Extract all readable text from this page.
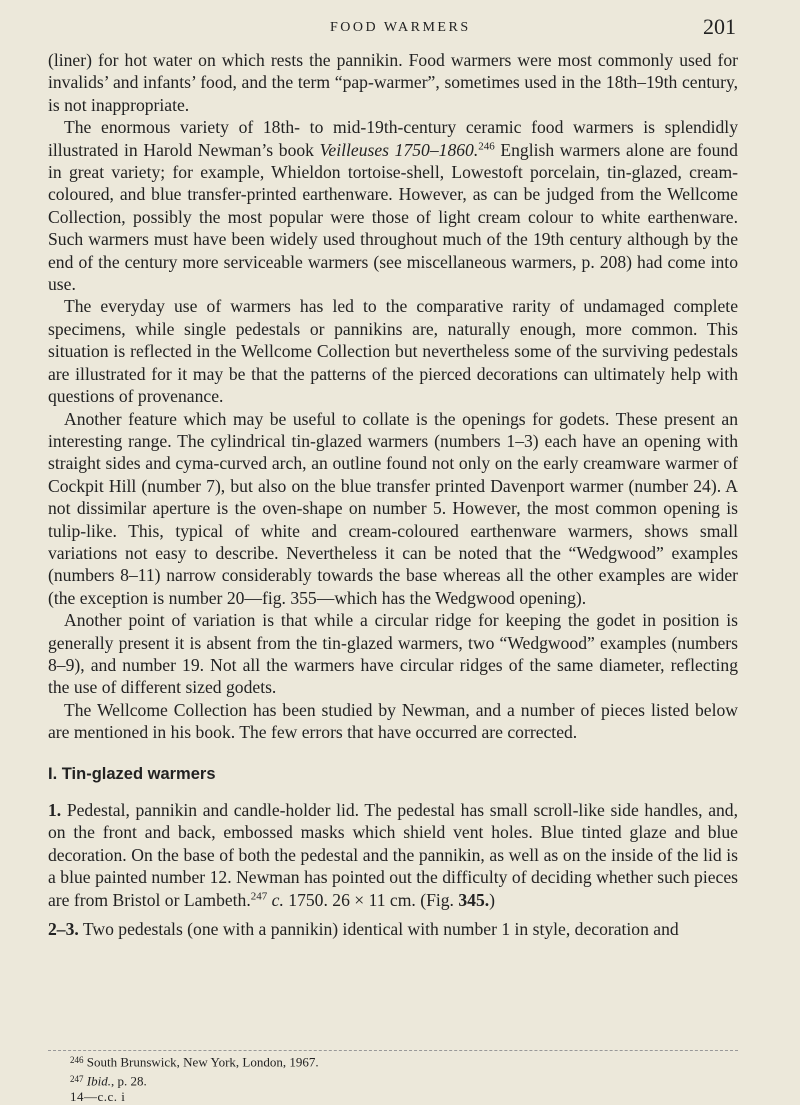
FOOD WARMERS	201

(liner) for hot water on which rests the pannikin. Food warmers were most commonly used for invalids’ and infants’ food, and the term “pap-warmer”, sometimes used in the 18th–19th century, is not inappropriate.

The enormous variety of 18th- to mid-19th-century ceramic food warmers is splendidly illustrated in Harold Newman’s book Veilleuses 1750–1860.$^{246}$ English warmers alone are found in great variety; for example, Whieldon tortoise-shell, Lowestoft porcelain, tin-glazed, cream-coloured, and blue transfer-printed earthenware. However, as can be judged from the Wellcome Collection, possibly the most popular were those of light cream colour to white earthenware. Such warmers must have been widely used throughout much of the 19th century although by the end of the century more serviceable warmers (see miscellaneous warmers, p. 208) had come into use.

The everyday use of warmers has led to the comparative rarity of undamaged complete specimens, while single pedestals or pannikins are, naturally enough, more common. This situation is reflected in the Wellcome Collection but nevertheless some of the surviving pedestals are illustrated for it may be that the patterns of the pierced decorations can ultimately help with questions of provenance.

Another feature which may be useful to collate is the openings for godets. These present an interesting range. The cylindrical tin-glazed warmers (numbers 1–3) each have an opening with straight sides and cyma-curved arch, an outline found not only on the early creamware warmer of Cockpit Hill (number 7), but also on the blue transfer printed Davenport warmer (number 24). A not dissimilar aperture is the oven-shape on number 5. However, the most common opening is tulip-like. This, typical of white and cream-coloured earthenware warmers, shows small variations not easy to describe. Nevertheless it can be noted that the “Wedgwood” examples (numbers 8–11) narrow considerably towards the base whereas all the other examples are wider (the exception is number 20—fig. 355—which has the Wedgwood opening).

Another point of variation is that while a circular ridge for keeping the godet in position is generally present it is absent from the tin-glazed warmers, two “Wedgwood” examples (numbers 8–9), and number 19. Not all the warmers have circular ridges of the same diameter, reflecting the use of different sized godets.

The Wellcome Collection has been studied by Newman, and a number of pieces listed below are mentioned in his book. The few errors that have occurred are corrected.

I. Tin-glazed warmers

1. Pedestal, pannikin and candle-holder lid. The pedestal has small scroll-like side handles, and, on the front and back, embossed masks which shield vent holes. Blue tinted glaze and blue decoration. On the base of both the pedestal and the pannikin, as well as on the inside of the lid is a blue painted number 12. Newman has pointed out the difficulty of deciding whether such pieces are from Bristol or Lambeth.$^{247}$ c. 1750. 26 × 11 cm. (Fig. 345.)

2–3. Two pedestals (one with a pannikin) identical with number 1 in style, decoration and

$^{246}$ South Brunswick, New York, London, 1967.

$^{247}$ Ibid., p. 28.

14—c.c. i
